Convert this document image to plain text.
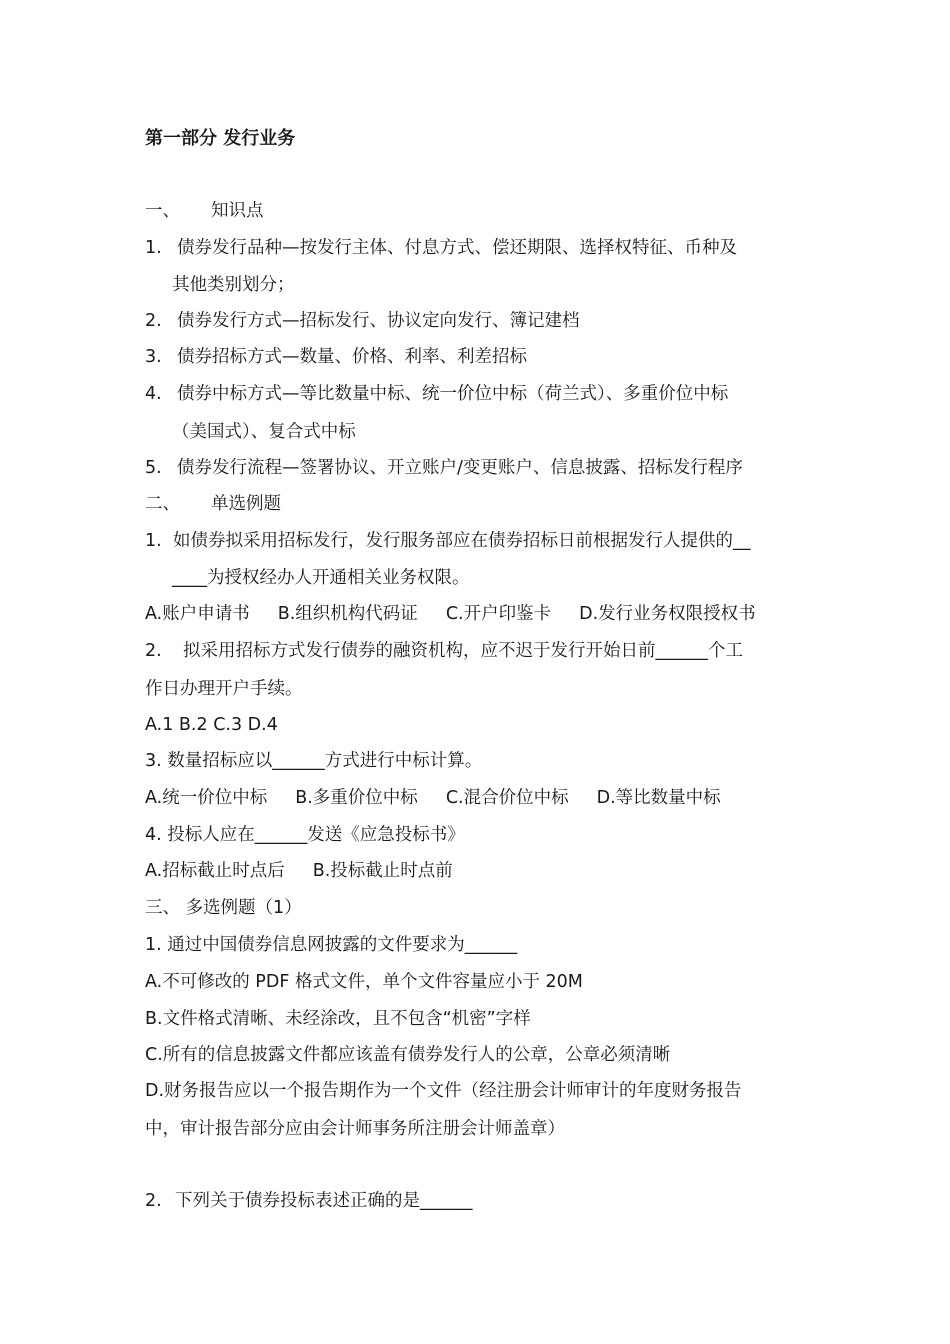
第一部分 发行业务
一、 知识点
1. 债券发行品种—按发行主体、付息方式、偿还期限、选择权特征、币种及
其他类别划分；
2. 债券发行方式—招标发行、协议定向发行、簿记建档
3. 债券招标方式—数量、价格、利率、利差招标
4. 债券中标方式—等比数量中标、统一价位中标（荷兰式）、多重价位中标
（美国式）、复合式中标
5. 债券发行流程—签署协议、开立账户/变更账户、信息披露、招标发行程序
二、 单选例题
1. 如债券拟采用招标发行，发行服务部应在债券招标日前根据发行人提供的__
____为授权经办人开通相关业务权限。
A.账户申请书 B.组织机构代码证 C.开户印鉴卡 D.发行业务权限授权书
2. 拟采用招标方式发行债券的融资机构，应不迟于发行开始日前______个工
作日办理开户手续。
A.1 B.2 C.3 D.4
3. 数量招标应以______方式进行中标计算。
A.统一价位中标 B.多重价位中标 C.混合价位中标 D.等比数量中标
4. 投标人应在______发送《应急投标书》
A.招标截止时点后 B.投标截止时点前
三、 多选例题（1）
1. 通过中国债券信息网披露的文件要求为______
A.不可修改的 PDF 格式文件，单个文件容量应小于 20M
B.文件格式清晰、未经涂改，且不包含“机密”字样
C.所有的信息披露文件都应该盖有债券发行人的公章，公章必须清晰
D.财务报告应以一个报告期作为一个文件（经注册会计师审计的年度财务报告
中，审计报告部分应由会计师事务所注册会计师盖章）
2. 下列关于债券投标表述正确的是______
